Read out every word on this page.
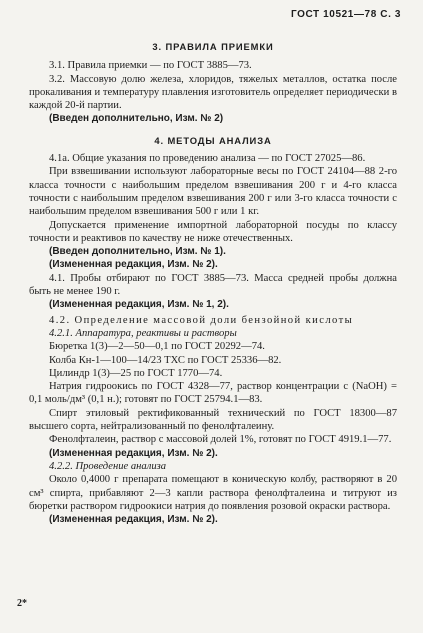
ГОСТ 10521—78 С. 3
3. ПРАВИЛА ПРИЕМКИ

3.1. Правила приемки — по ГОСТ 3885—73.

3.2. Массовую долю железа, хлоридов, тяжелых металлов, остатка после прокаливания и температуру плавления изготовитель определяет периодически в каждой 20-й партии.

(Введен дополнительно, Изм. № 2)

4. МЕТОДЫ АНАЛИЗА

4.1а. Общие указания по проведению анализа — по ГОСТ 27025—86.

При взвешивании используют лабораторные весы по ГОСТ 24104—88 2-го класса точности с наибольшим пределом взвешивания 200 г и 4-го класса точности с наибольшим пределом взвешивания 200 г или 3-го класса точности с наибольшим пределом взвешивания 500 г или 1 кг.

Допускается применение импортной лабораторной посуды по классу точности и реактивов по качеству не ниже отечественных.

(Введен дополнительно, Изм. № 1).

(Измененная редакция, Изм. № 2).

4.1. Пробы отбирают по ГОСТ 3885—73. Масса средней пробы должна быть не менее 190 г.

(Измененная редакция, Изм. № 1, 2).

4.2. Определение массовой доли бензойной кислоты

4.2.1. Аппаратура, реактивы и растворы

Бюретка 1(3)—2—50—0,1 по ГОСТ 20292—74.

Колба Кн-1—100—14/23 ТХС по ГОСТ 25336—82.

Цилиндр 1(3)—25 по ГОСТ 1770—74.

Натрия гидроокись по ГОСТ 4328—77, раствор концентрации с (NaOH) = 0,1 моль/дм³ (0,1 н.); готовят по ГОСТ 25794.1—83.

Спирт этиловый ректификованный технический по ГОСТ 18300—87 высшего сорта, нейтрализованный по фенолфталеину.

Фенолфталеин, раствор с массовой долей 1%, готовят по ГОСТ 4919.1—77.

(Измененная редакция, Изм. № 2).

4.2.2. Проведение анализа

Около 0,4000 г препарата помещают в коническую колбу, растворяют в 20 см³ спирта, прибавляют 2—3 капли раствора фенолфталеина и титруют из бюретки раствором гидроокиси натрия до появления розовой окраски раствора.

(Измененная редакция, Изм. № 2).

2*
